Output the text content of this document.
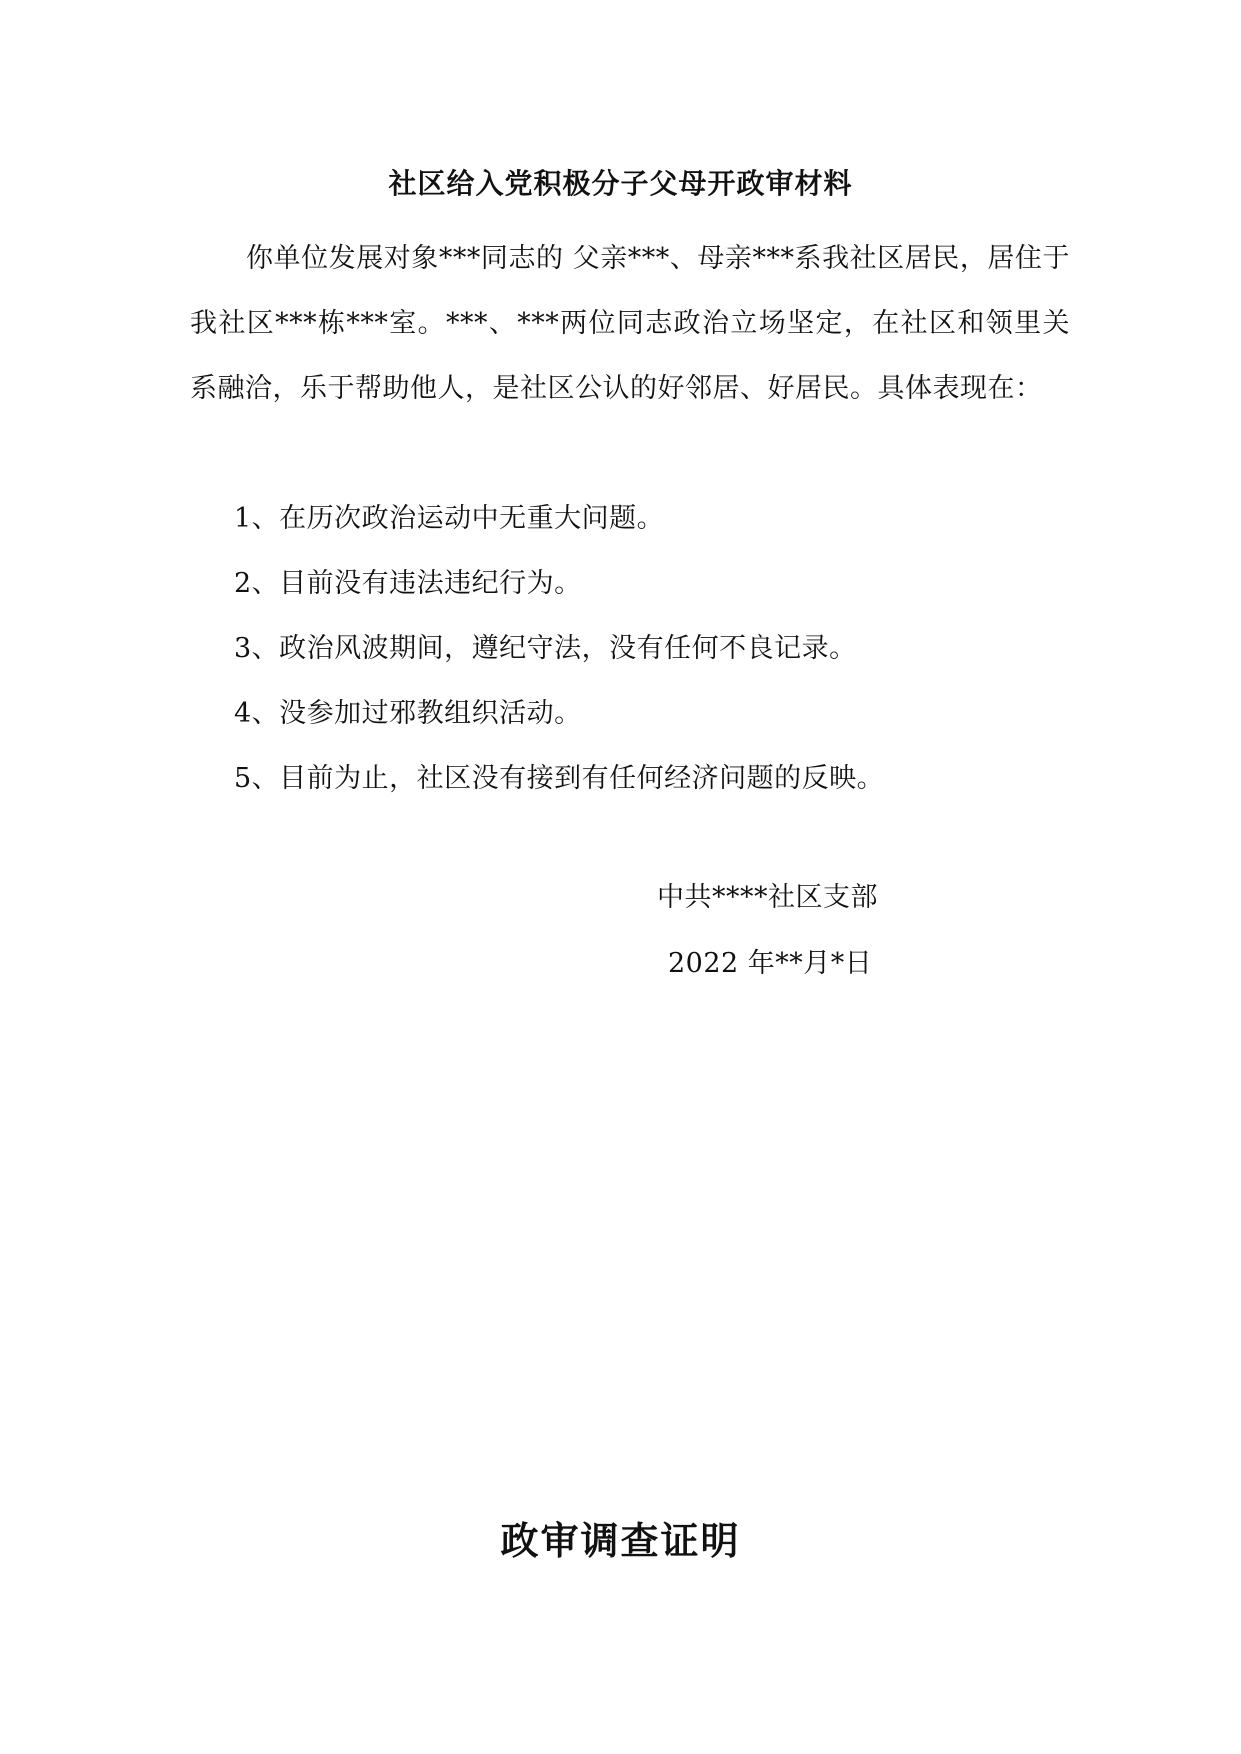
社区给入党积极分子父母开政审材料

你单位发展对象***同志的 父亲***、母亲***系我社区居民，居住于我社区***栋***室。***、***两位同志政治立场坚定，在社区和领里关系融洽，乐于帮助他人，是社区公认的好邻居、好居民。具体表现在：

1、在历次政治运动中无重大问题。
2、目前没有违法违纪行为。
3、政治风波期间，遵纪守法，没有任何不良记录。
4、没参加过邪教组织活动。
5、目前为止，社区没有接到有任何经济问题的反映。
中共****社区支部
2022 年**月*日
政审调查证明
